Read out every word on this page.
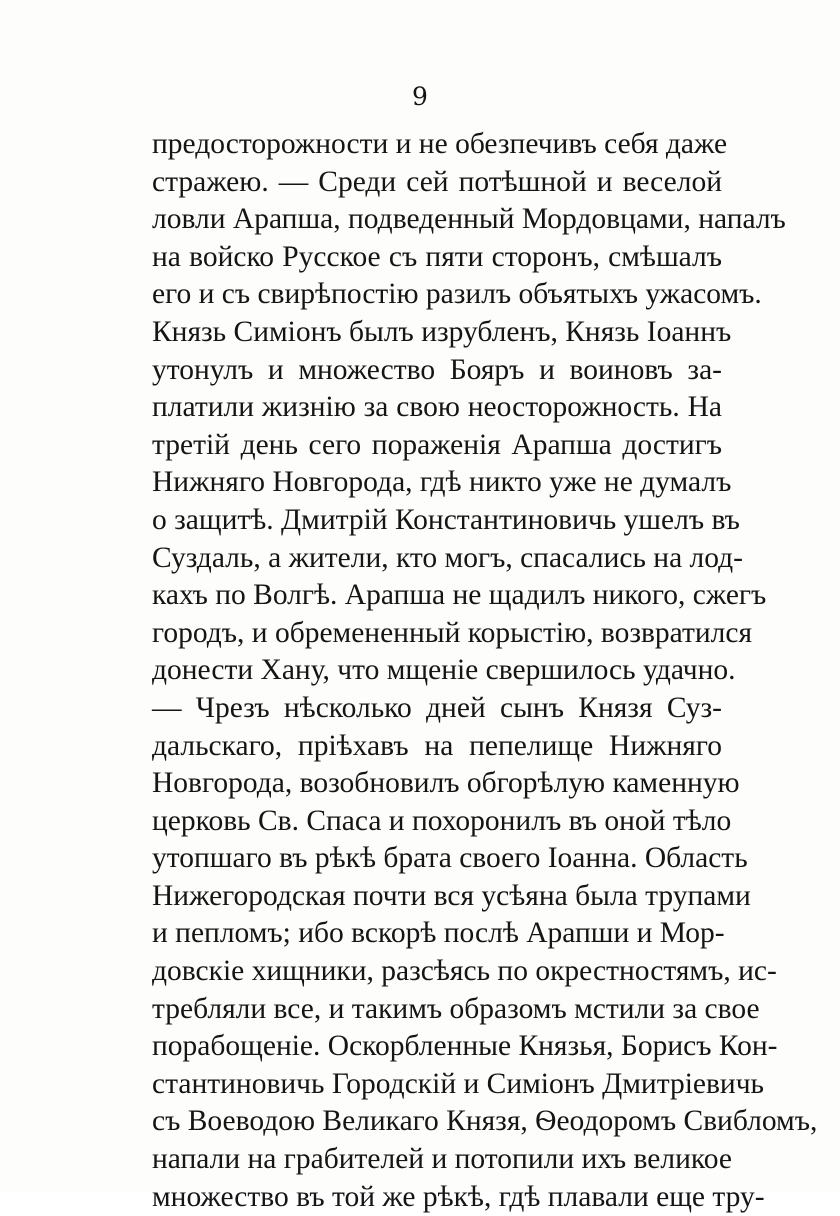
9
предосторожности и не обезпечивъ себя даже
стражею. — Среди сей потѣшной и веселой
ловли Арапша, подведенный Мордовцами, напалъ
на войско Русское съ пяти сторонъ, смѣшалъ
его и съ свирѣпостію разилъ объятыхъ ужасомъ.
Князь Симіонъ былъ изрубленъ, Князь Іоаннъ
утонулъ и множество Бояръ и воиновъ за-
платили жизнію за свою неосторожность. На
третій день сего пораженія Арапша достигъ
Нижняго Новгорода, гдѣ никто уже не думалъ
о защитѣ. Дмитрій Константиновичь ушелъ въ
Суздаль, а жители, кто могъ, спасались на лод-
кахъ по Волгѣ. Арапша не щадилъ никого, сжегъ
городъ, и обремененный корыстію, возвратился
донести Хану, что мщеніе свершилось удачно.
— Чрезъ нѣсколько дней сынъ Князя Суз-
дальскаго, пріѣхавъ на пепелище Нижняго
Новгорода, возобновилъ обгорѣлую каменную
церковь Св. Спаса и похоронилъ въ оной тѣло
утопшаго въ рѣкѣ брата своего Іоанна. Область
Нижегородская почти вся усѣяна была трупами
и пепломъ; ибо вскорѣ послѣ Арапши и Мор-
довскіе хищники, разсѣясь по окрестностямъ, ис-
требляли все, и такимъ образомъ мстили за свое
порабощеніе. Оскорбленные Князья, Борисъ Кон-
стантиновичь Городскій и Симіонъ Дмитріевичь
съ Воеводою Великаго Князя, Ѳеодоромъ Свибломъ,
напали на грабителей и потопили ихъ великое
множество въ той же рѣкѣ, гдѣ плавали еще тру-
